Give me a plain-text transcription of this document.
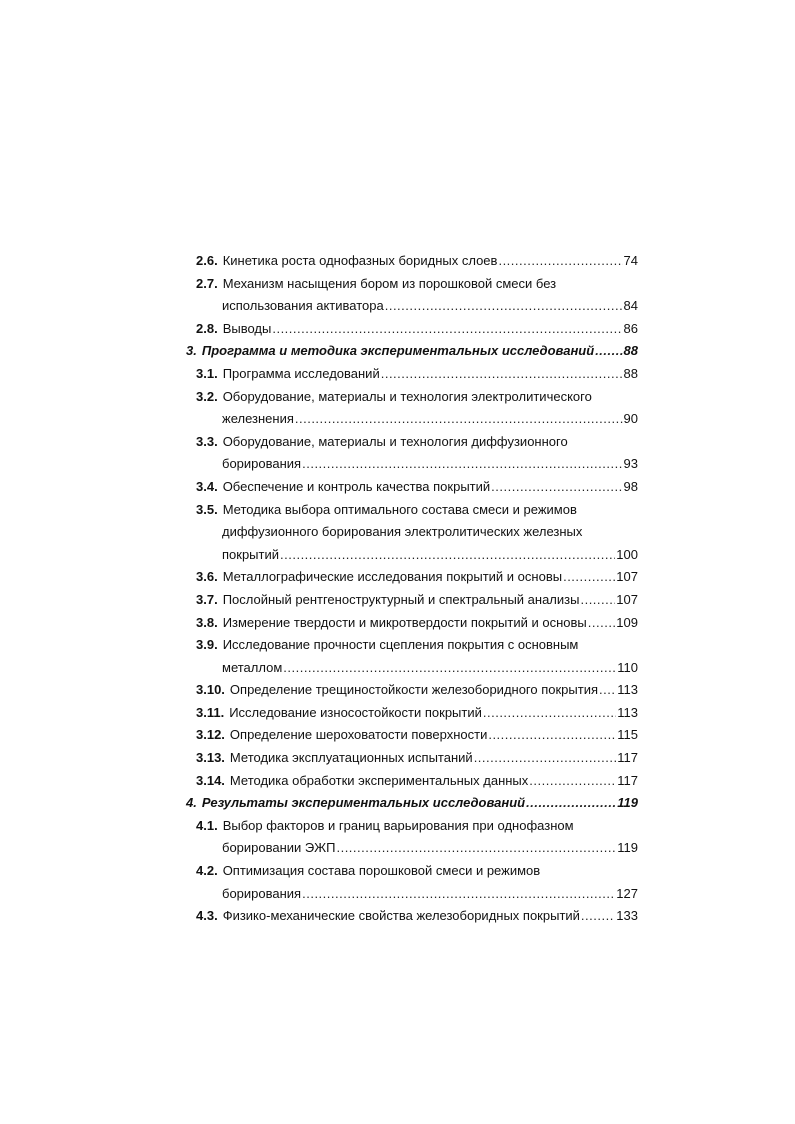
2.6. Кинетика роста однофазных боридных слоев .....	74
2.7. Механизм насыщения бором из порошковой смеси без
использования активатора .....	84
2.8. Выводы .....	86
3. Программа и методика экспериментальных исследований ..... 88
3.1. Программа исследований .....	88
3.2. Оборудование, материалы и технология электролитического
железнения .....	90
3.3. Оборудование, материалы и технология диффузионного
борирования .....	93
3.4. Обеспечение и контроль качества покрытий .....	98
3.5. Методика выбора оптимального состава смеси и режимов
диффузионного борирования электролитических железных
покрытий .....	100
3.6. Металлографические исследования покрытий и основы .....	107
3.7. Послойный рентгеноструктурный и спектральный анализы .....	107
3.8. Измерение твердости и микротвердости покрытий и основы ..... 109
3.9. Исследование прочности сцепления покрытия с основным
металлом .....	110
3.10. Определение трещиностойкости железоборидного покрытия ..... 113
3.11. Исследование износостойкости покрытий .....	113
3.12. Определение шероховатости поверхности .....	115
3.13. Методика эксплуатационных испытаний .....	117
3.14. Методика обработки экспериментальных данных .....	117
4. Результаты экспериментальных исследований .....	119
4.1. Выбор факторов и границ варьирования при однофазном
борировании ЭЖП .....	119
4.2. Оптимизация состава порошковой смеси и режимов
борирования .....	127
4.3. Физико-механические свойства железоборидных покрытий .....	133
